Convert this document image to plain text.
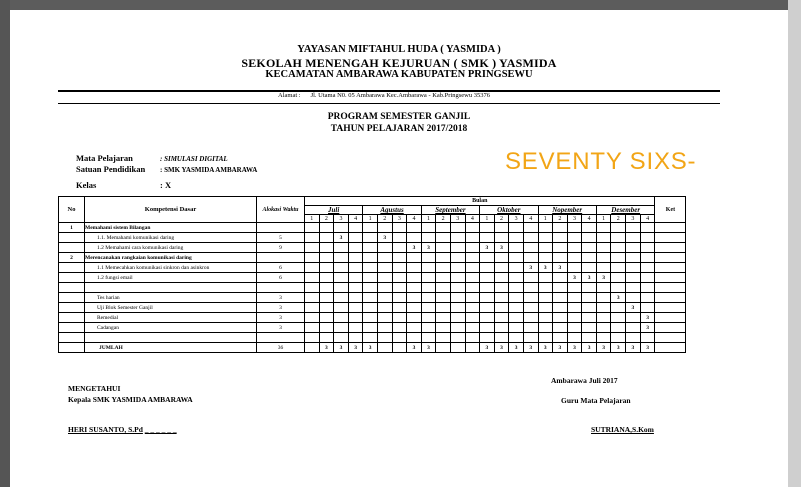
YAYASAN MIFTAHUL HUDA ( YASMIDA )
SEKOLAH MENENGAH KEJURUAN ( SMK ) YASMIDA
KECAMATAN AMBARAWA KABUPATEN PRINGSEWU
Alamat : Jl. Utama N0. 05 Ambarawa Kec.Ambarawa - Kab.Pringsewu 35376
PROGRAM SEMESTER GANJIL
TAHUN PELAJARAN 2017/2018
Mata Pelajaran	: SIMULASI DIGITAL
Satuan Pendidikan : SMK YASMIDA AMBARAWA
Kelas	: X
SEVENTY SIXS-
No	Kompetensi Dasar	Alokasi Waktu	Bulan																								Ket
			Juli				Agustus				September				Oktober				Nopember				Desember				
			1	2	3	4	1	2	3	4	1	2	3	4	1	2	3	4	1	2	3	4	1	2	3	4	
1	Memahami sistem Bilangan																										
	1.1. Memahami komunikasi daring	5			3			3																			
	1.2 Memahami cara komunikasi daring	9								3	3				3	3											
2	Merencanakan rangkaian komunikasi daring																										
	1.1 Memecahkan komunikasi sinkron dan asinkron	6																3	3	3							
	1.2 fungsi email	6																			3	3	3				

	Tes harian	3																						3			
	Uji Blok Semester Ganjil	3																							3		
	Remedial	3																								3	
	Cadangan	3																								3	

	JUMLAH	36		3	3	3	3			3	3				3	3	3	3	3	3	3	3	3	3	3	3	
Ambarawa Juli 2017
MENGETAHUI
Kepala SMK YASMIDA AMBARAWA	Guru Mata Pelajaran
HERI SUSANTO, S.Pd _ _ _ _ _ _	SUTRIANA,S.Kom
